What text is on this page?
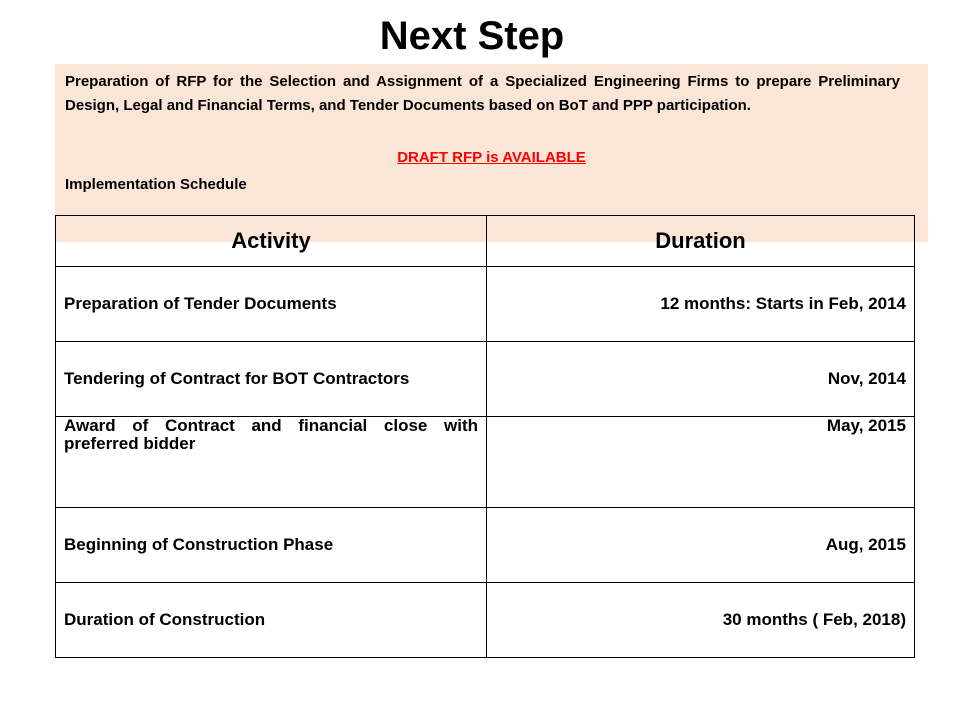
Next Step
Preparation of RFP for the Selection and Assignment of a Specialized Engineering Firms to prepare Preliminary Design, Legal and Financial Terms, and Tender Documents based on BoT and PPP participation.
DRAFT RFP is AVAILABLE
Implementation Schedule
Activity	Duration
Preparation of Tender Documents	12 months: Starts in Feb, 2014
Tendering of Contract for BOT Contractors	Nov, 2014
Award of Contract and financial close with preferred bidder	May, 2015
Beginning of Construction Phase	Aug, 2015
Duration of Construction	30 months ( Feb, 2018)
